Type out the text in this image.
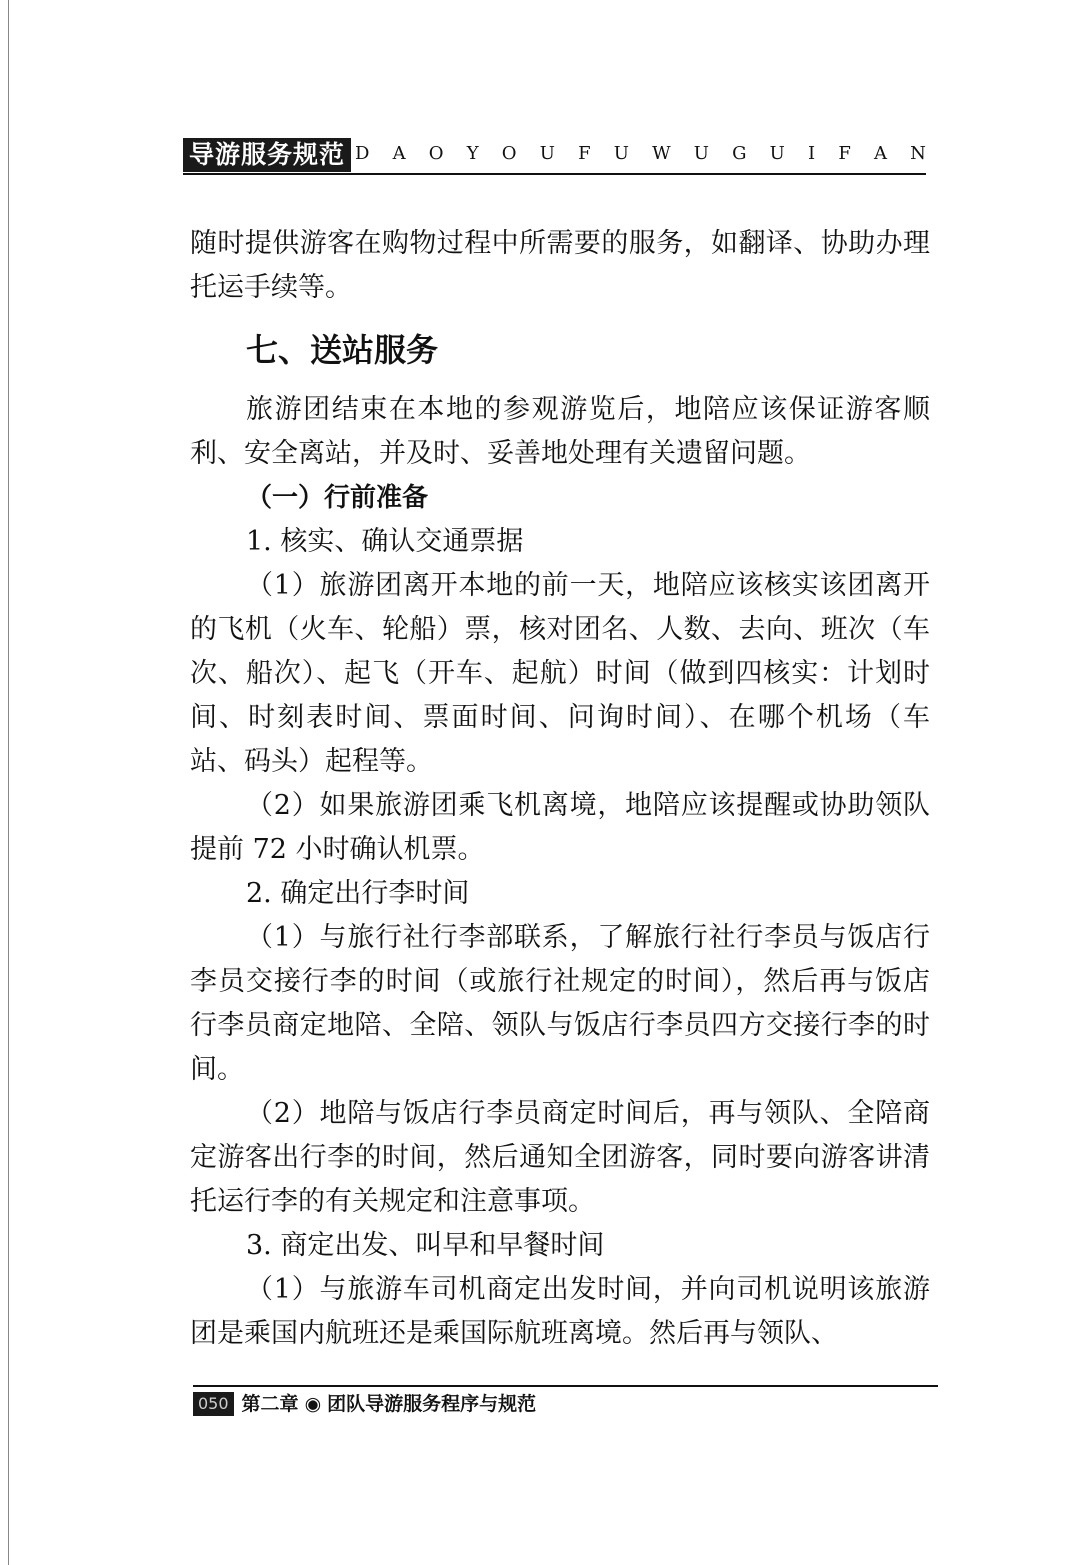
导游服务规范 D A O Y O U F U W U G U I F A N

随时提供游客在购物过程中所需要的服务，如翻译、协助办理托运手续等。

七、送站服务

旅游团结束在本地的参观游览后，地陪应该保证游客顺利、安全离站，并及时、妥善地处理有关遗留问题。

（一）行前准备

1. 核实、确认交通票据

（1）旅游团离开本地的前一天，地陪应该核实该团离开的飞机（火车、轮船）票，核对团名、人数、去向、班次（车次、船次）、起飞（开车、起航）时间（做到四核实：计划时间、时刻表时间、票面时间、问询时间）、在哪个机场（车站、码头）起程等。

（2）如果旅游团乘飞机离境，地陪应该提醒或协助领队提前 72 小时确认机票。

2. 确定出行李时间

（1）与旅行社行李部联系，了解旅行社行李员与饭店行李员交接行李的时间（或旅行社规定的时间），然后再与饭店行李员商定地陪、全陪、领队与饭店行李员四方交接行李的时间。

（2）地陪与饭店行李员商定时间后，再与领队、全陪商定游客出行李的时间，然后通知全团游客，同时要向游客讲清托运行李的有关规定和注意事项。

3. 商定出发、叫早和早餐时间

（1）与旅游车司机商定出发时间，并向司机说明该旅游团是乘国内航班还是乘国际航班离境。然后再与领队、

050 第二章 ◉ 团队导游服务程序与规范
